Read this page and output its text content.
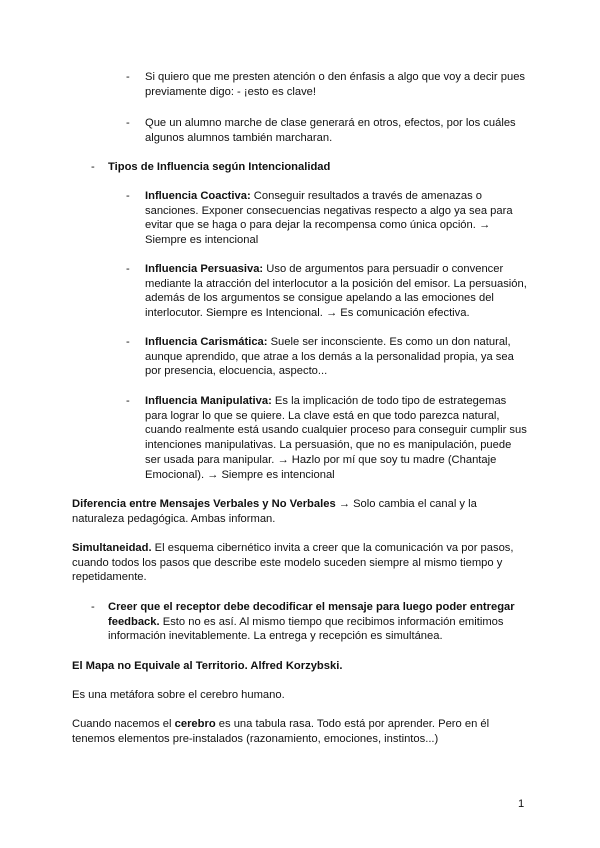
- Si quiero que me presten atención o den énfasis a algo que voy a decir pues previamente digo: - ¡esto es clave!

- Que un alumno marche de clase generará en otros, efectos, por los cuáles algunos alumnos también marcharan.

- Tipos de Influencia según Intencionalidad

- Influencia Coactiva: Conseguir resultados a través de amenazas o sanciones. Exponer consecuencias negativas respecto a algo ya sea para evitar que se haga o para dejar la recompensa como única opción. → Siempre es intencional

- Influencia Persuasiva: Uso de argumentos para persuadir o convencer mediante la atracción del interlocutor a la posición del emisor. La persuasión, además de los argumentos se consigue apelando a las emociones del interlocutor. Siempre es Intencional. → Es comunicación efectiva.

- Influencia Carismática: Suele ser inconsciente. Es como un don natural, aunque aprendido, que atrae a los demás a la personalidad propia, ya sea por presencia, elocuencia, aspecto...

- Influencia Manipulativa: Es la implicación de todo tipo de estrategemas para lograr lo que se quiere. La clave está en que todo parezca natural, cuando realmente está usando cualquier proceso para conseguir cumplir sus intenciones manipulativas. La persuasión, que no es manipulación, puede ser usada para manipular. → Hazlo por mí que soy tu madre (Chantaje Emocional). → Siempre es intencional

Diferencia entre Mensajes Verbales y No Verbales → Solo cambia el canal y la naturaleza pedagógica. Ambas informan.

Simultaneidad. El esquema cibernético invita a creer que la comunicación va por pasos, cuando todos los pasos que describe este modelo suceden siempre al mismo tiempo y repetidamente.

- Creer que el receptor debe decodificar el mensaje para luego poder entregar feedback. Esto no es así. Al mismo tiempo que recibimos información emitimos información inevitablemente. La entrega y recepción es simultánea.

El Mapa no Equivale al Territorio. Alfred Korzybski.

Es una metáfora sobre el cerebro humano.

Cuando nacemos el cerebro es una tabula rasa. Todo está por aprender. Pero en él tenemos elementos pre-instalados (razonamiento, emociones, instintos...)

1
